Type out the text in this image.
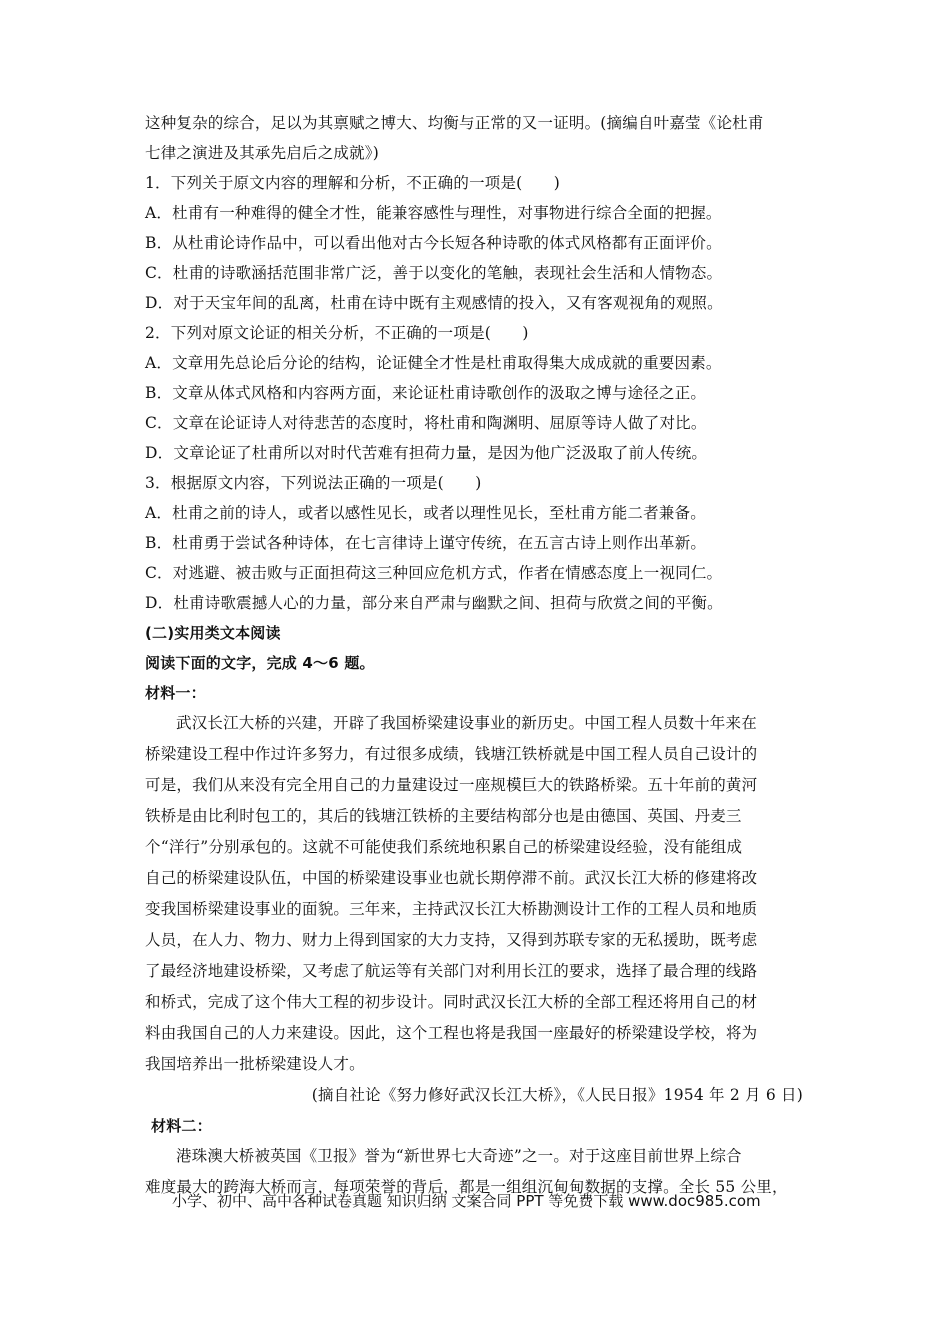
这种复杂的综合，足以为其禀赋之博大、均衡与正常的又一证明。(摘编自叶嘉莹《论杜甫
七律之演进及其承先启后之成就》)
1．下列关于原文内容的理解和分析，不正确的一项是(　　)
A．杜甫有一种难得的健全才性，能兼容感性与理性，对事物进行综合全面的把握。
B．从杜甫论诗作品中，可以看出他对古今长短各种诗歌的体式风格都有正面评价。
C．杜甫的诗歌涵括范围非常广泛，善于以变化的笔触，表现社会生活和人情物态。
D．对于天宝年间的乱离，杜甫在诗中既有主观感情的投入，又有客观视角的观照。
2．下列对原文论证的相关分析，不正确的一项是(　　)
A．文章用先总论后分论的结构，论证健全才性是杜甫取得集大成成就的重要因素。
B．文章从体式风格和内容两方面，来论证杜甫诗歌创作的汲取之博与途径之正。
C．文章在论证诗人对待悲苦的态度时，将杜甫和陶渊明、屈原等诗人做了对比。
D．文章论证了杜甫所以对时代苦难有担荷力量，是因为他广泛汲取了前人传统。
3．根据原文内容，下列说法正确的一项是(　　)
A．杜甫之前的诗人，或者以感性见长，或者以理性见长，至杜甫方能二者兼备。
B．杜甫勇于尝试各种诗体，在七言律诗上谨守传统，在五言古诗上则作出革新。
C．对逃避、被击败与正面担荷这三种回应危机方式，作者在情感态度上一视同仁。
D．杜甫诗歌震撼人心的力量，部分来自严肃与幽默之间、担荷与欣赏之间的平衡。
(二)实用类文本阅读
阅读下面的文字，完成 4～6 题。
材料一：
武汉长江大桥的兴建，开辟了我国桥梁建设事业的新历史。中国工程人员数十年来在
桥梁建设工程中作过许多努力，有过很多成绩，钱塘江铁桥就是中国工程人员自己设计的
可是，我们从来没有完全用自己的力量建设过一座规模巨大的铁路桥梁。五十年前的黄河
铁桥是由比利时包工的，其后的钱塘江铁桥的主要结构部分也是由德国、英国、丹麦三
个“洋行”分别承包的。这就不可能使我们系统地积累自己的桥梁建设经验，没有能组成
自己的桥梁建设队伍，中国的桥梁建设事业也就长期停滞不前。武汉长江大桥的修建将改
变我国桥梁建设事业的面貌。三年来，主持武汉长江大桥勘测设计工作的工程人员和地质
人员，在人力、物力、财力上得到国家的大力支持，又得到苏联专家的无私援助，既考虑
了最经济地建设桥梁，又考虑了航运等有关部门对利用长江的要求，选择了最合理的线路
和桥式，完成了这个伟大工程的初步设计。同时武汉长江大桥的全部工程还将用自己的材
料由我国自己的人力来建设。因此，这个工程也将是我国一座最好的桥梁建设学校，将为
我国培养出一批桥梁建设人才。
(摘自社论《努力修好武汉长江大桥》，《人民日报》1954 年 2 月 6 日)
材料二：
港珠澳大桥被英国《卫报》誉为“新世界七大奇迹”之一。对于这座目前世界上综合
难度最大的跨海大桥而言，每项荣誉的背后，都是一组组沉甸甸数据的支撑。全长 55 公里，
小学、初中、高中各种试卷真题 知识归纳 文案合同 PPT 等免费下载 www.doc985.com
